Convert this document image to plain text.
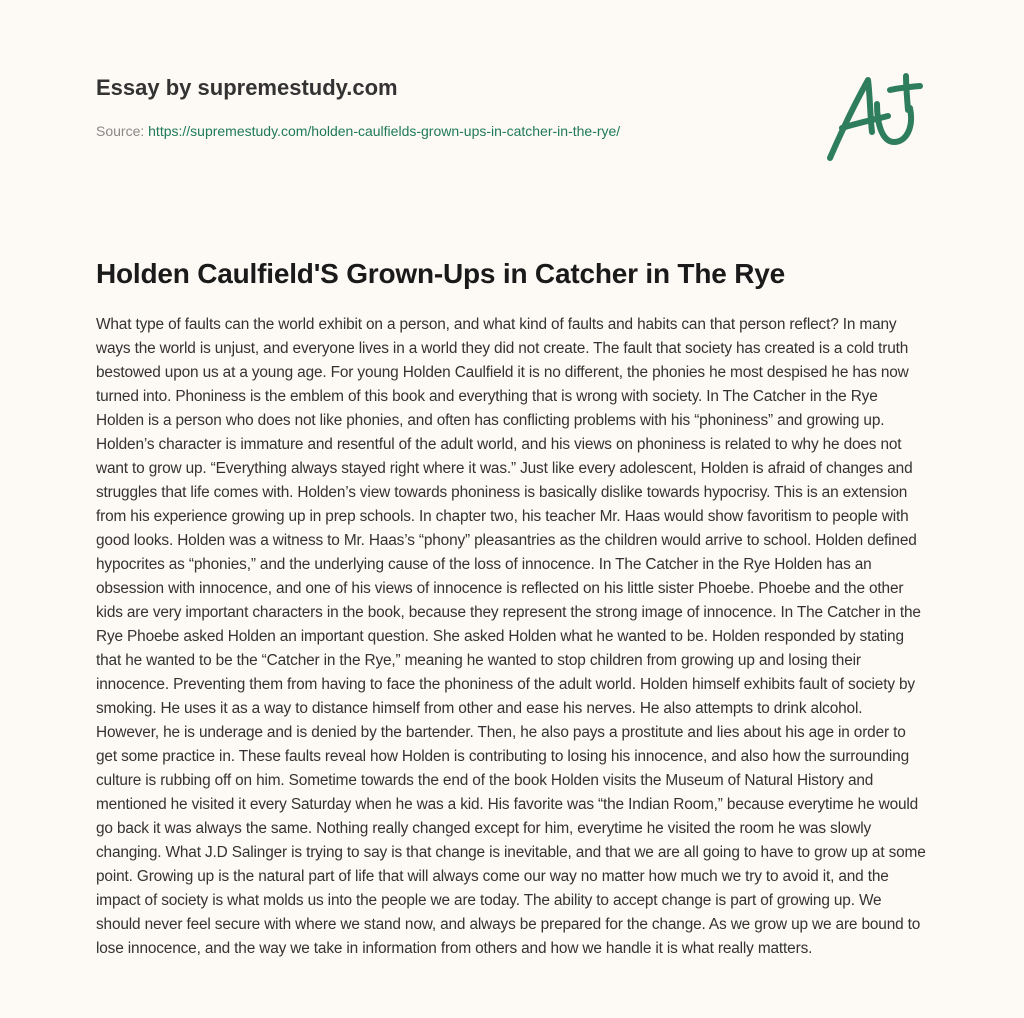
Essay by supremestudy.com
Source: https://supremestudy.com/holden-caulfields-grown-ups-in-catcher-in-the-rye/
Holden Caulfield'S Grown-Ups in Catcher in The Rye

What type of faults can the world exhibit on a person, and what kind of faults and habits can that person reflect? In many ways the world is unjust, and everyone lives in a world they did not create. The fault that society has created is a cold truth bestowed upon us at a young age. For young Holden Caulfield it is no different, the phonies he most despised he has now turned into. Phoniness is the emblem of this book and everything that is wrong with society. In The Catcher in the Rye Holden is a person who does not like phonies, and often has conflicting problems with his “phoniness” and growing up. Holden’s character is immature and resentful of the adult world, and his views on phoniness is related to why he does not want to grow up. “Everything always stayed right where it was.” Just like every adolescent, Holden is afraid of changes and struggles that life comes with. Holden’s view towards phoniness is basically dislike towards hypocrisy. This is an extension from his experience growing up in prep schools. In chapter two, his teacher Mr. Haas would show favoritism to people with good looks. Holden was a witness to Mr. Haas’s “phony” pleasantries as the children would arrive to school. Holden defined hypocrites as “phonies,” and the underlying cause of the loss of innocence. In The Catcher in the Rye Holden has an obsession with innocence, and one of his views of innocence is reflected on his little sister Phoebe. Phoebe and the other kids are very important characters in the book, because they represent the strong image of innocence. In The Catcher in the Rye Phoebe asked Holden an important question. She asked Holden what he wanted to be. Holden responded by stating that he wanted to be the “Catcher in the Rye,” meaning he wanted to stop children from growing up and losing their innocence. Preventing them from having to face the phoniness of the adult world. Holden himself exhibits fault of society by smoking. He uses it as a way to distance himself from other and ease his nerves. He also attempts to drink alcohol. However, he is underage and is denied by the bartender. Then, he also pays a prostitute and lies about his age in order to get some practice in. These faults reveal how Holden is contributing to losing his innocence, and also how the surrounding culture is rubbing off on him. Sometime towards the end of the book Holden visits the Museum of Natural History and mentioned he visited it every Saturday when he was a kid. His favorite was “the Indian Room,” because everytime he would go back it was always the same. Nothing really changed except for him, everytime he visited the room he was slowly changing. What J.D Salinger is trying to say is that change is inevitable, and that we are all going to have to grow up at some point. Growing up is the natural part of life that will always come our way no matter how much we try to avoid it, and the impact of society is what molds us into the people we are today. The ability to accept change is part of growing up. We should never feel secure with where we stand now, and always be prepared for the change. As we grow up we are bound to lose innocence, and the way we take in information from others and how we handle it is what really matters.
